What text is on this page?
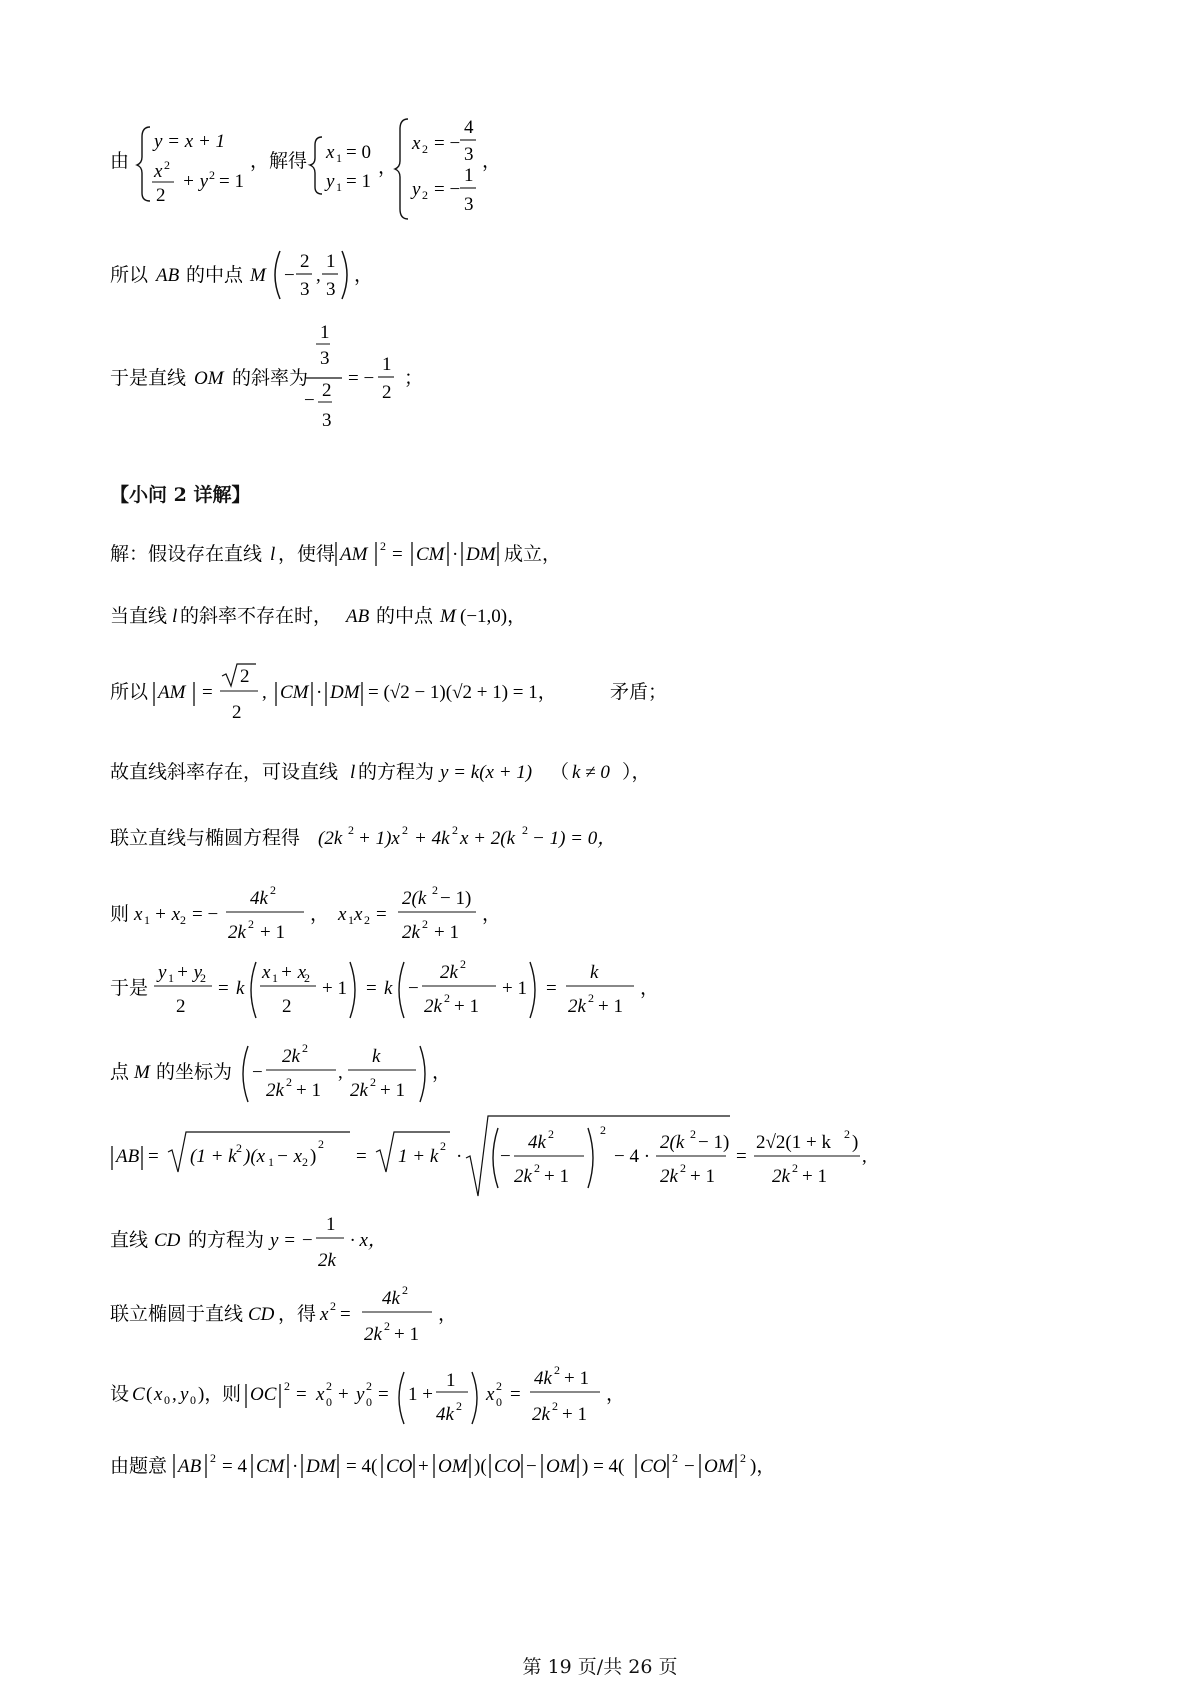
由
y = x + 1
x 2
2
+ y 2 = 1
，解得 x 1 = 0
y 1 = 1
，
x 2 = −
4
3
y 2 = −
1
3
，
所以 AB 的中点 M −
2
3
,
1
3
，
于是直线 OM 的斜率为
1
3
− 2
3
= −
1
2
；
【小问 2 详解】
解：假设存在直线 l ，使得 AM 2 = CM · DM 成立，
当直线 l 的斜率不存在时， AB 的中点 M (−1,0)，
所以 AM =
2
2
, CM · DM = (√2 − 1)(√2 + 1) = 1，	矛盾；
故直线斜率存在，可设直线 l 的方程为 y = k(x + 1) （ k ≠ 0 ），
联立直线与椭圆方程得 (2k 2 + 1)x 2 + 4k 2 x + 2(k 2 − 1) = 0，
则 x 1 + x 2 = −
4k 2
2k 2 + 1
， x 1 x 2 =
2(k 2 − 1)
2k 2 + 1
，
于是
y 1 + y
2
2
= k
x 1 + x
2
2
+ 1 = k −
2k 2
2k 2 + 1
+ 1 =
k
2k 2 + 1
，
点 M 的坐标为 −
2k 2
2k 2 + 1
,
k
2k 2 + 1
，
AB = (1 + k 2 )(x 1 − x 2 )
2
= 1 + k 2 · −
4k 2
2k 2 + 1
2
− 4 ·
2(k 2 − 1)
2k 2 + 1
=
2√2(1 + k 2 )
2k 2 + 1
,
直线 CD 的方程为 y = −
1
2k
· x，
联立椭圆于直线 CD ，得 x 2 =
4k 2
2k 2 + 1
，
设 C ( x 0 , y 0 )，
则 OC 2 = x 2
0 + y 2
0 = 1 +
1
4k 2
x 2
0 =
4k 2 + 1
2k 2 + 1
，
由题意 AB 2 = 4 CM · DM = 4( CO + OM )( CO − OM ) = 4( CO 2 − OM 2 )，
第 19 页/共 26 页
